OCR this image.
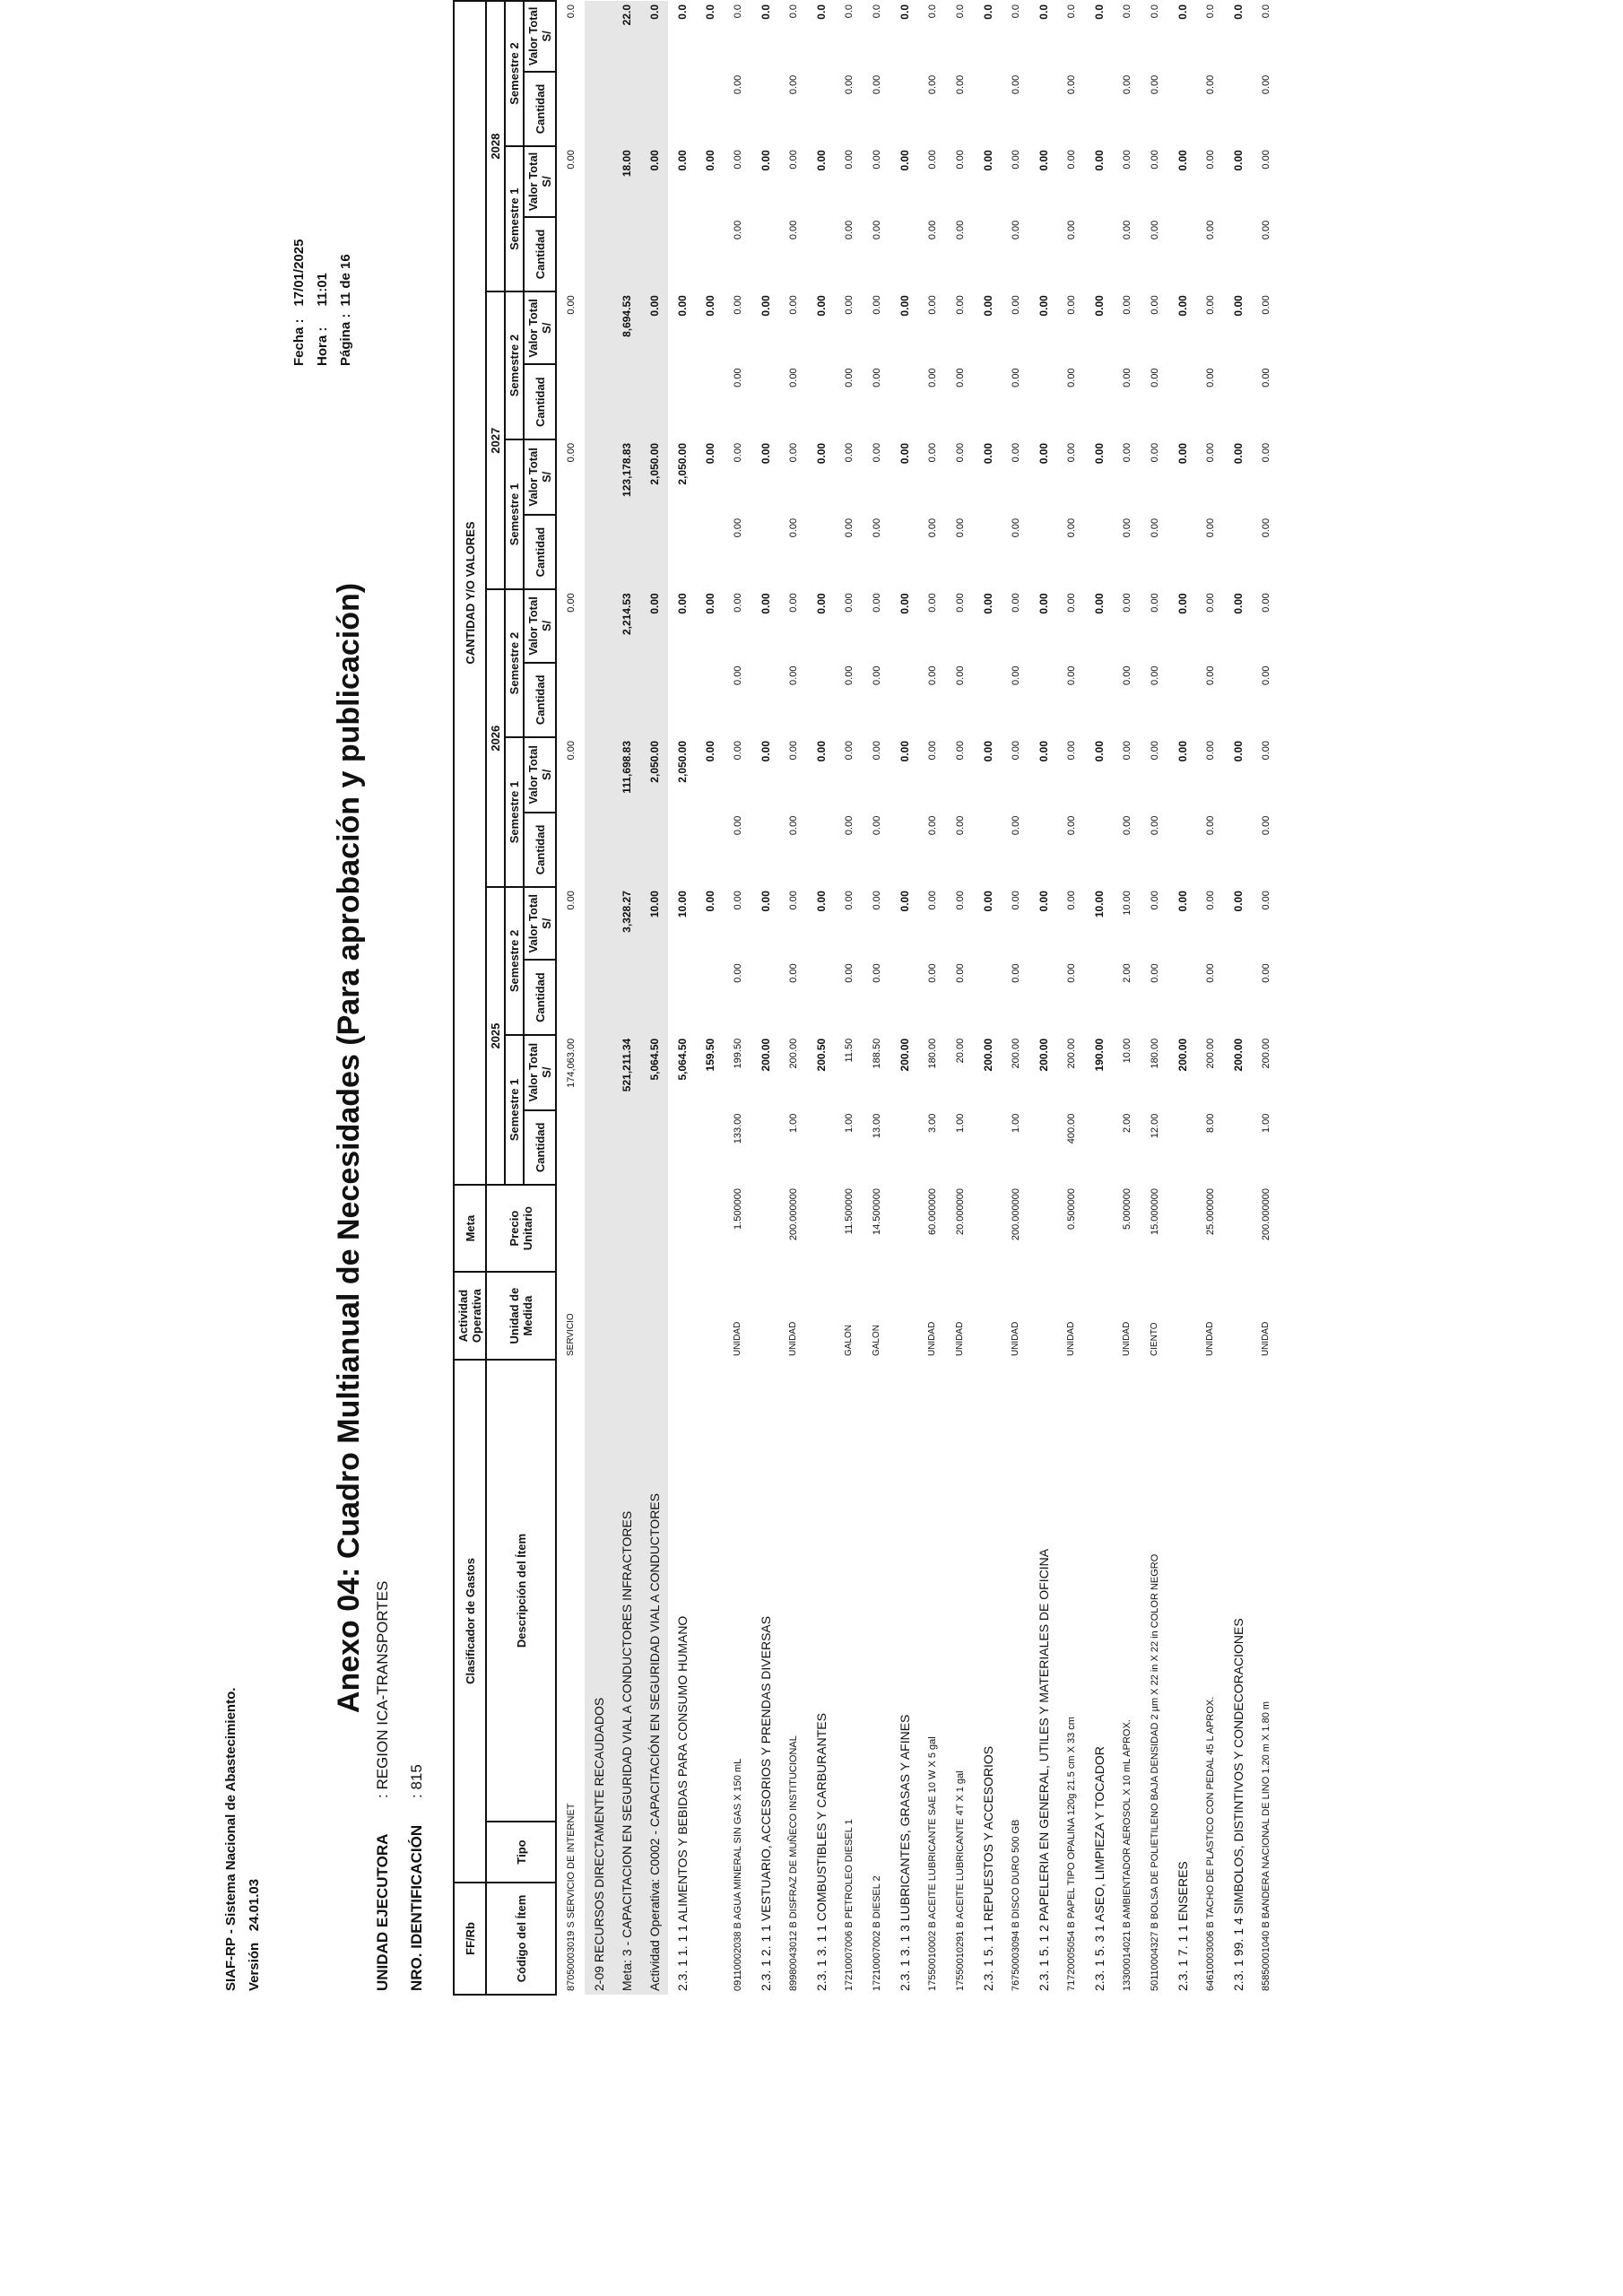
SIAF-RP - Sistema Nacional de Abastecimiento. Versión   24.01.03
Fecha :	17/01/2025
Hora :	11:01
Página :	11 de 16
Anexo 04: Cuadro Multianual de Necesidades (Para aprobación y publicación)
UNIDAD EJECUTORA: REGION ICA-TRANSPORTES
NRO. IDENTIFICACIÓN: 815
FF/Rb	Clasificador de Gastos		Actividad Operativa	Meta	CANTIDAD Y/O VALORES															
Código del Ítem	Tipo	Descripción del Ítem	Unidad de Medida	Precio Unitario	2025				2026				2027				2028			
					Semestre 1		Semestre 2		Semestre 1		Semestre 2		Semestre 1		Semestre 2		Semestre 1		Semestre 2	
					Cantidad	Valor Total S/	Cantidad	Valor Total S/	Cantidad	Valor Total S/	Cantidad	Valor Total S/	Cantidad	Valor Total S/	Cantidad	Valor Total S/	Cantidad	Valor Total S/	Cantidad	Valor Total S/
87050003019 S SERVICIO DE INTERNET			SERVICIO			174,063.00		0.00		0.00		0.00		0.00		0.00		0.00		0.0
2-09 RECURSOS DIRECTAMENTE RECAUDADOS																				
Meta: 3 - CAPACITACION EN SEGURIDAD VIAL A CONDUCTORES INFRACTORES						521,211.34		3,328.27		111,698.83		2,214.53		123,178.83		8,694.53		18.00		22.0
Actividad Operativa: C0002 - CAPACITACIÓN EN SEGURIDAD VIAL A CONDUCTORES						5,064.50		10.00		2,050.00		0.00		2,050.00		0.00		0.00		0.0
2.3. 1 1. 1 1 ALIMENTOS Y BEBIDAS PARA CONSUMO HUMANO						5,064.50		10.00		2,050.00		0.00		2,050.00		0.00		0.00		0.0
						159.50		0.00		0.00		0.00		0.00		0.00		0.00		0.0
09110002038 B AGUA MINERAL SIN GAS X 150 mL			UNIDAD	1.500000	133.00	199.50	0.00	0.00	0.00	0.00	0.00	0.00	0.00	0.00	0.00	0.00	0.00	0.00	0.00	0.0
2.3. 1 2. 1 1 VESTUARIO, ACCESORIOS Y PRENDAS DIVERSAS						200.00		0.00		0.00		0.00		0.00		0.00		0.00		0.0
89980043012 B DISFRAZ DE MUÑECO INSTITUCIONAL			UNIDAD	200.000000	1.00	200.00	0.00	0.00	0.00	0.00	0.00	0.00	0.00	0.00	0.00	0.00	0.00	0.00	0.00	0.0
2.3. 1 3. 1 1 COMBUSTIBLES Y CARBURANTES						200.50		0.00		0.00		0.00		0.00		0.00		0.00		0.0
17210007006 B PETROLEO DIESEL 1			GALON	11.500000	1.00	11.50	0.00	0.00	0.00	0.00	0.00	0.00	0.00	0.00	0.00	0.00	0.00	0.00	0.00	0.0
17210007002 B DIESEL 2			GALON	14.500000	13.00	188.50	0.00	0.00	0.00	0.00	0.00	0.00	0.00	0.00	0.00	0.00	0.00	0.00	0.00	0.0
2.3. 1 3. 1 3 LUBRICANTES, GRASAS Y AFINES						200.00		0.00		0.00		0.00		0.00		0.00		0.00		0.0
17550010002 B ACEITE LUBRICANTE SAE 10 W X 5 gal			UNIDAD	60.000000	3.00	180.00	0.00	0.00	0.00	0.00	0.00	0.00	0.00	0.00	0.00	0.00	0.00	0.00	0.00	0.0
17550010291 B ACEITE LUBRICANTE 4T X 1 gal			UNIDAD	20.000000	1.00	20.00	0.00	0.00	0.00	0.00	0.00	0.00	0.00	0.00	0.00	0.00	0.00	0.00	0.00	0.0
2.3. 1 5. 1 1 REPUESTOS Y ACCESORIOS						200.00		0.00		0.00		0.00		0.00		0.00		0.00		0.0
76750003094 B DISCO DURO 500 GB			UNIDAD	200.000000	1.00	200.00	0.00	0.00	0.00	0.00	0.00	0.00	0.00	0.00	0.00	0.00	0.00	0.00	0.00	0.0
2.3. 1 5. 1 2 PAPELERIA EN GENERAL, UTILES Y MATERIALES DE OFICINA						200.00		0.00		0.00		0.00		0.00		0.00		0.00		0.0
71720005054 B PAPEL TIPO OPALINA 120g 21.5 cm X 33 cm			UNIDAD	0.500000	400.00	200.00	0.00	0.00	0.00	0.00	0.00	0.00	0.00	0.00	0.00	0.00	0.00	0.00	0.00	0.0
2.3. 1 5. 3 1 ASEO, LIMPIEZA Y TOCADOR						190.00		10.00		0.00		0.00		0.00		0.00		0.00		0.0
13300014021 B AMBIENTADOR AEROSOL X 10 mL APROX.			UNIDAD	5.000000	2.00	10.00	2.00	10.00	0.00	0.00	0.00	0.00	0.00	0.00	0.00	0.00	0.00	0.00	0.00	0.0
50110004327 B BOLSA DE POLIETILENO BAJA DENSIDAD 2 µm X 22 in X 22 in COLOR NEGRO			CIENTO	15.000000	12.00	180.00	0.00	0.00	0.00	0.00	0.00	0.00	0.00	0.00	0.00	0.00	0.00	0.00	0.00	0.0
2.3. 1 7. 1 1 ENSERES						200.00		0.00		0.00		0.00		0.00		0.00		0.00		0.0
64610003006 B TACHO DE PLASTICO CON PEDAL 45 L APROX.			UNIDAD	25.000000	8.00	200.00	0.00	0.00	0.00	0.00	0.00	0.00	0.00	0.00	0.00	0.00	0.00	0.00	0.00	0.0
2.3. 1 99. 1 4 SIMBOLOS, DISTINTIVOS Y CONDECORACIONES						200.00		0.00		0.00		0.00		0.00		0.00		0.00		0.0
85850001040 B BANDERA NACIONAL DE LINO 1.20 m X 1.80 m			UNIDAD	200.000000	1.00	200.00	0.00	0.00	0.00	0.00	0.00	0.00	0.00	0.00	0.00	0.00	0.00	0.00	0.00	0.0
